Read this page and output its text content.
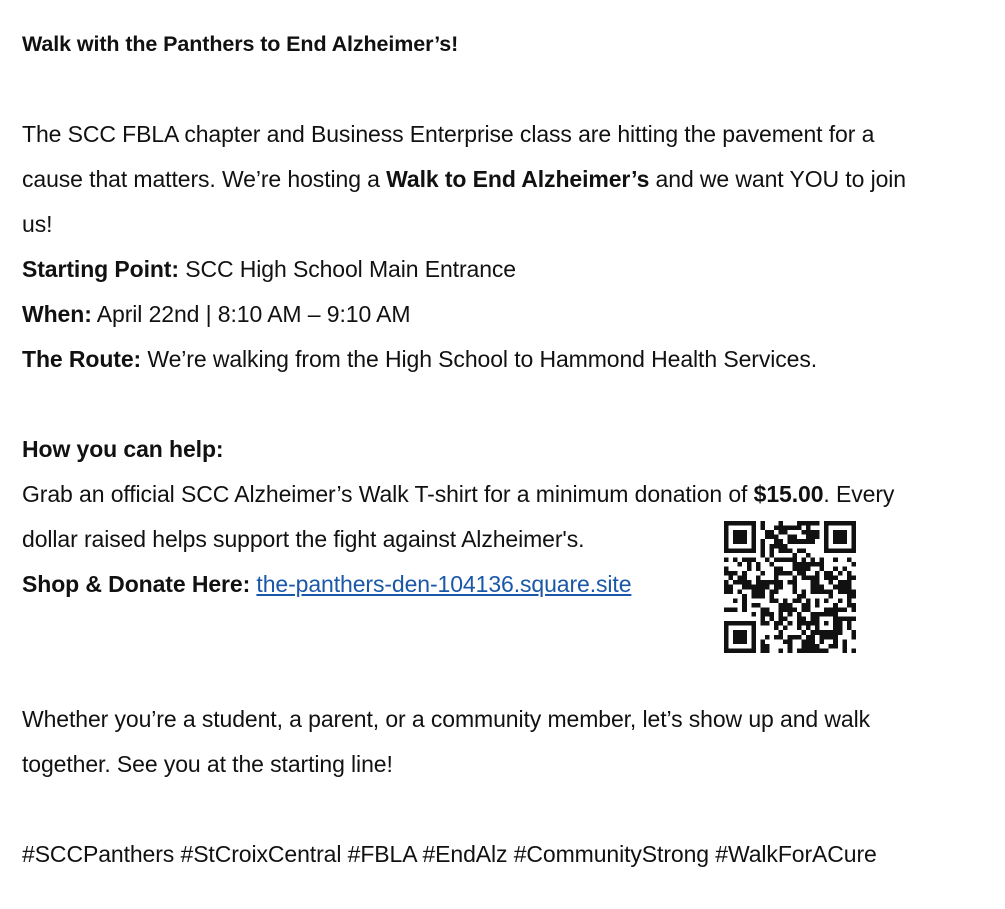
Walk with the Panthers to End Alzheimer’s!
The SCC FBLA chapter and Business Enterprise class are hitting the pavement for a
cause that matters. We’re hosting a Walk to End Alzheimer’s and we want YOU to join
us!
Starting Point: SCC High School Main Entrance
When: April 22nd | 8:10 AM – 9:10 AM
The Route: We’re walking from the High School to Hammond Health Services.
How you can help:
Grab an official SCC Alzheimer’s Walk T-shirt for a minimum donation of $15.00. Every
dollar raised helps support the fight against Alzheimer's.
Shop & Donate Here: the-panthers-den-104136.square.site
Whether you’re a student, a parent, or a community member, let’s show up and walk
together. See you at the starting line!
#SCCPanthers #StCroixCentral #FBLA #EndAlz #CommunityStrong #WalkForACure
